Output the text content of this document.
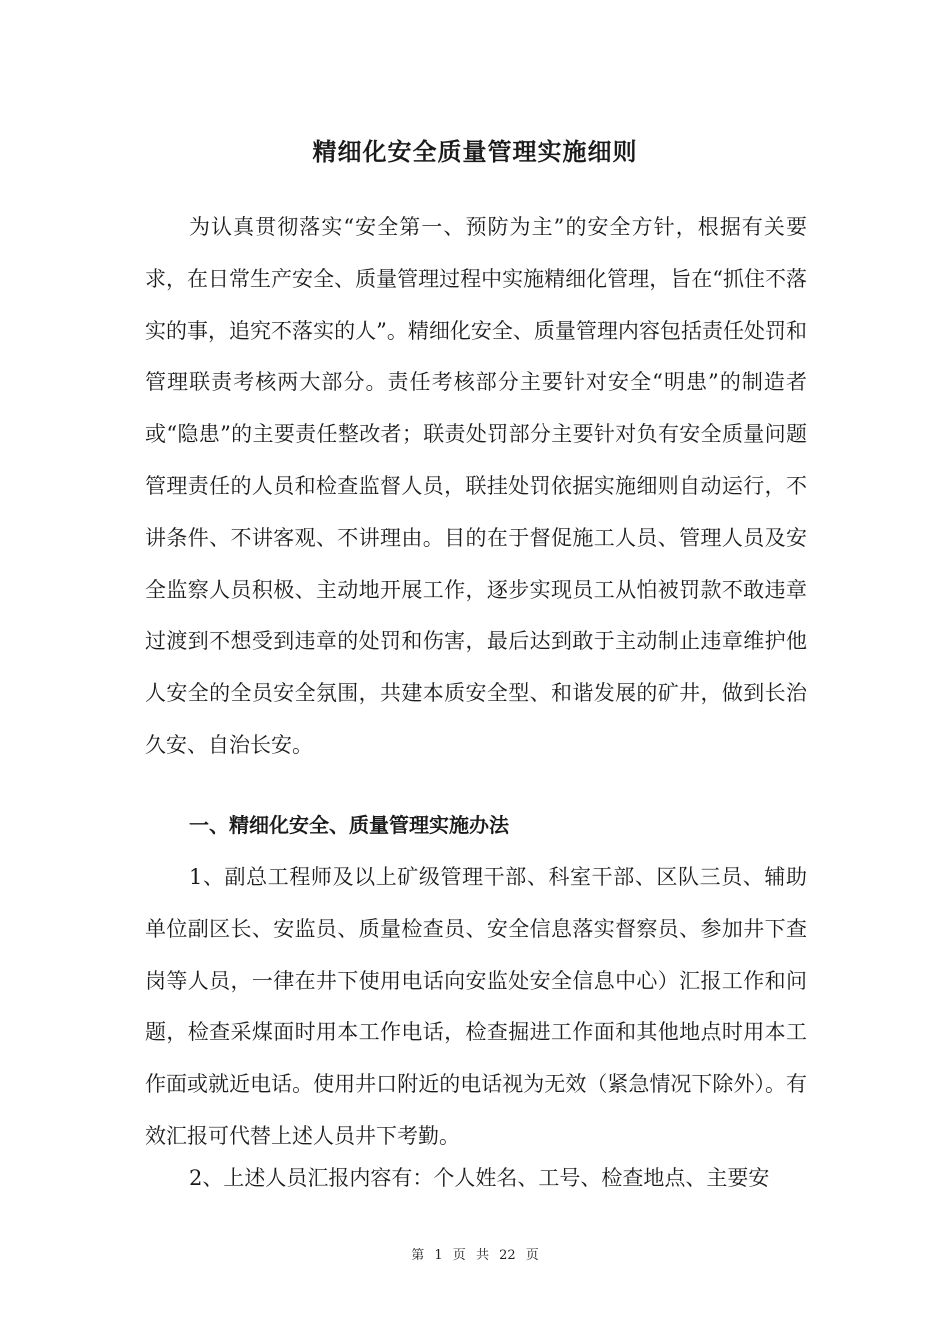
精细化安全质量管理实施细则

为认真贯彻落实“安全第一、预防为主”的安全方针，根据有关要求，在日常生产安全、质量管理过程中实施精细化管理，旨在“抓住不落实的事，追究不落实的人”。精细化安全、质量管理内容包括责任处罚和管理联责考核两大部分。责任考核部分主要针对安全“明患”的制造者或“隐患”的主要责任整改者；联责处罚部分主要针对负有安全质量问题管理责任的人员和检查监督人员，联挂处罚依据实施细则自动运行，不讲条件、不讲客观、不讲理由。目的在于督促施工人员、管理人员及安全监察人员积极、主动地开展工作，逐步实现员工从怕被罚款不敢违章过渡到不想受到违章的处罚和伤害，最后达到敢于主动制止违章维护他人安全的全员安全氛围，共建本质安全型、和谐发展的矿井，做到长治久安、自治长安。

一、精细化安全、质量管理实施办法

1、副总工程师及以上矿级管理干部、科室干部、区队三员、辅助单位副区长、安监员、质量检查员、安全信息落实督察员、参加井下查岗等人员，一律在井下使用电话向安监处安全信息中心）汇报工作和问题，检查采煤面时用本工作电话，检查掘进工作面和其他地点时用本工作面或就近电话。使用井口附近的电话视为无效（紧急情况下除外）。有效汇报可代替上述人员井下考勤。

2、上述人员汇报内容有：个人姓名、工号、检查地点、主要安

第 1 页 共 22 页
